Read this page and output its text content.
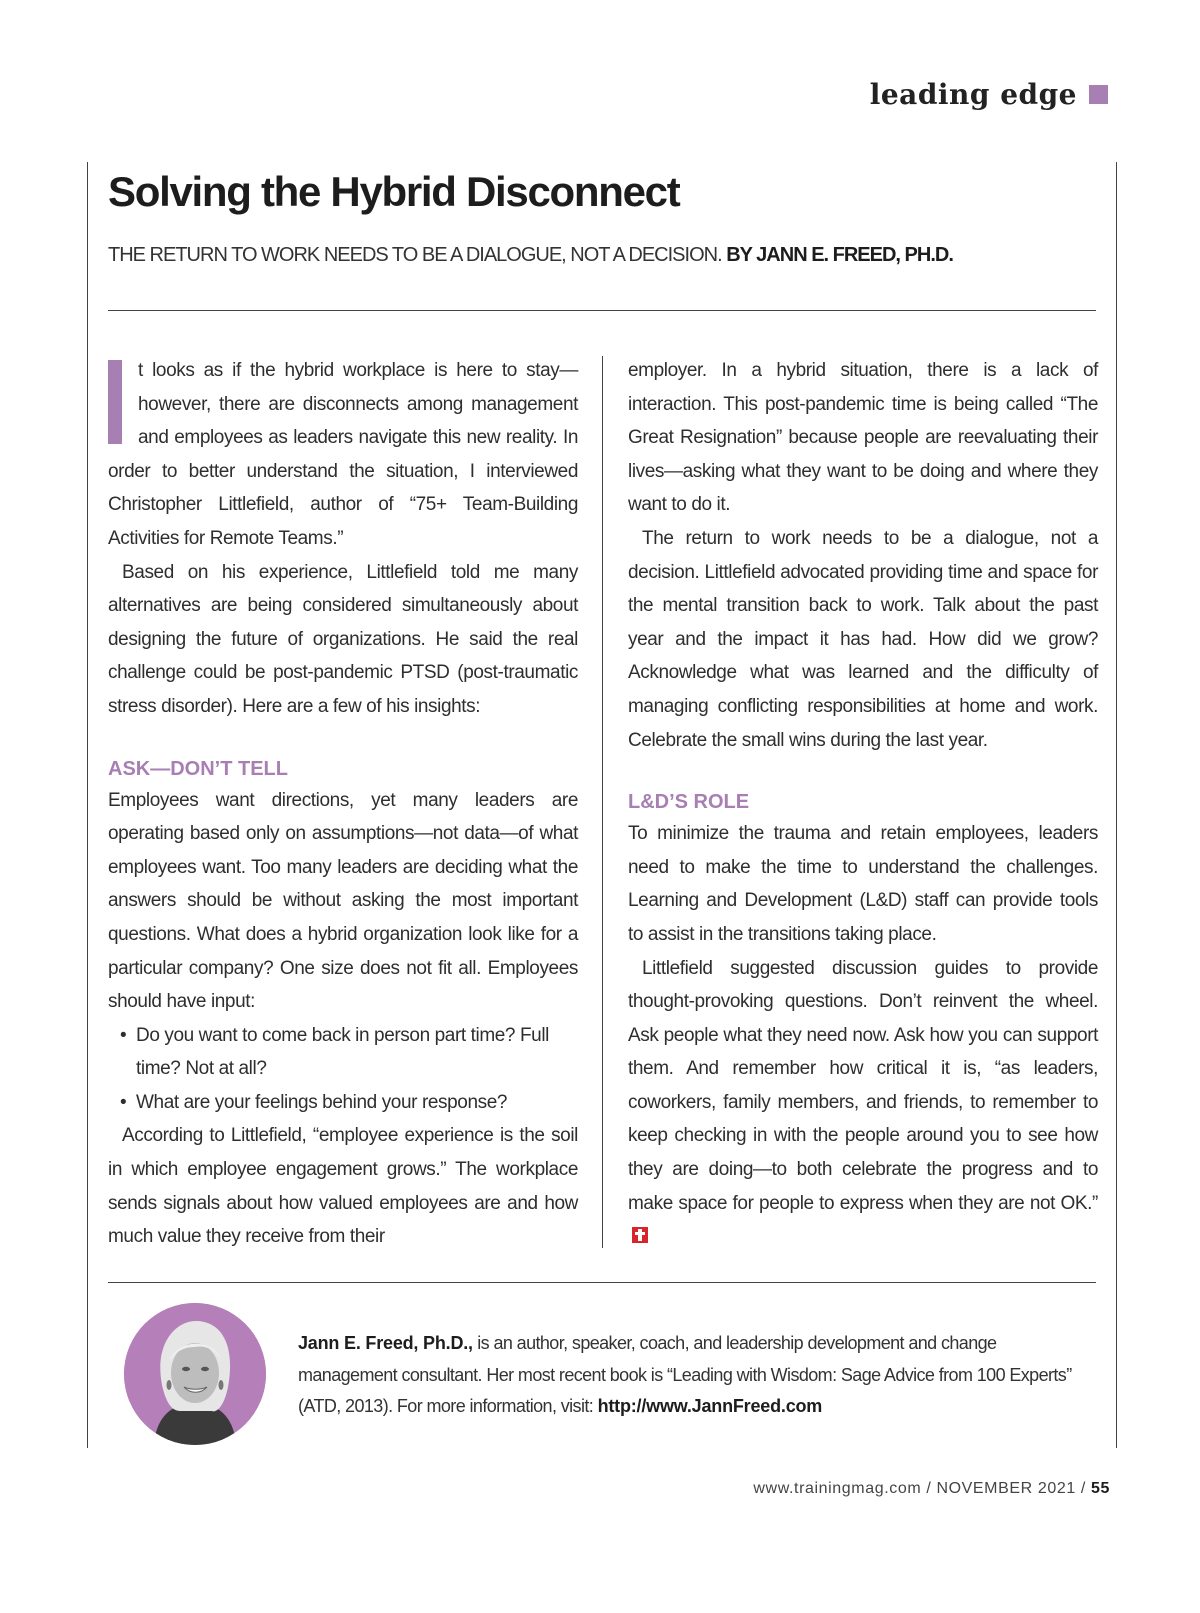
leading edge
Solving the Hybrid Disconnect
THE RETURN TO WORK NEEDS TO BE A DIALOGUE, NOT A DECISION. BY JANN E. FREED, PH.D.

t looks as if the hybrid workplace is here to stay—however, there are disconnects among management and employees as leaders navigate this new reality. In order to better understand the situation, I interviewed Christopher Littlefield, author of “75+ Team-Building Activities for Remote Teams.”

Based on his experience, Littlefield told me many alternatives are being considered simultaneously about designing the future of organizations. He said the real challenge could be post-pandemic PTSD (post-traumatic stress disorder). Here are a few of his insights:

ASK—DON’T TELL

Employees want directions, yet many leaders are operating based only on assumptions—not data—of what employees want. Too many leaders are deciding what the answers should be without asking the most important questions. What does a hybrid organization look like for a particular company? One size does not fit all. Employees should have input:

• Do you want to come back in person part time? Full time? Not at all?

• What are your feelings behind your response?

According to Littlefield, “employee experience is the soil in which employee engagement grows.” The workplace sends signals about how valued employees are and how much value they receive from their

employer. In a hybrid situation, there is a lack of interaction. This post-pandemic time is being called “The Great Resignation” because people are reevaluating their lives—asking what they want to be doing and where they want to do it.

The return to work needs to be a dialogue, not a decision. Littlefield advocated providing time and space for the mental transition back to work. Talk about the past year and the impact it has had. How did we grow? Acknowledge what was learned and the difficulty of managing conflicting responsibilities at home and work. Celebrate the small wins during the last year.

L&D’S ROLE

To minimize the trauma and retain employees, leaders need to make the time to understand the challenges. Learning and Development (L&D) staff can provide tools to assist in the transitions taking place.

Littlefield suggested discussion guides to provide thought-provoking questions. Don’t reinvent the wheel. Ask people what they need now. Ask how you can support them. And remember how critical it is, “as leaders, coworkers, family members, and friends, to remember to keep checking in with the people around you to see how they are doing—to both celebrate the progress and to make space for people to express when they are not OK.”

Jann E. Freed, Ph.D., is an author, speaker, coach, and leadership development and change management consultant. Her most recent book is “Leading with Wisdom: Sage Advice from 100 Experts” (ATD, 2013). For more information, visit: http://www.JannFreed.com

www.trainingmag.com / NOVEMBER 2021 / 55
